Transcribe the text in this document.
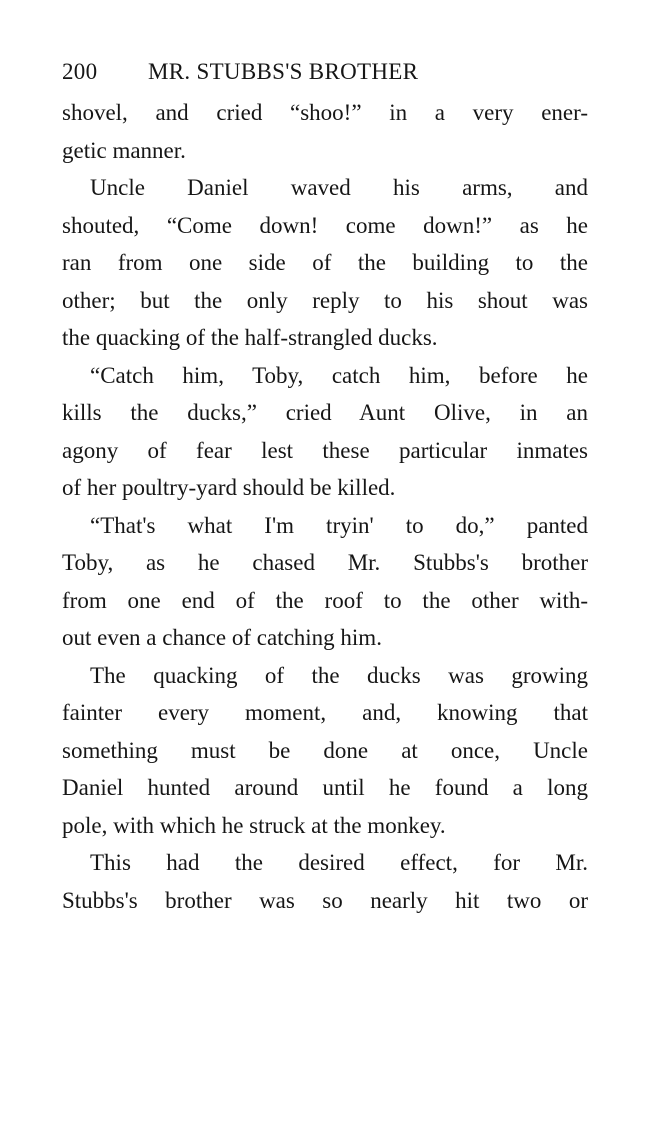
200 MR. STUBBS'S BROTHER
shovel, and cried “shoo!” in a very ener-
getic manner.
Uncle Daniel waved his arms, and
shouted, “Come down! come down!” as he
ran from one side of the building to the
other; but the only reply to his shout was
the quacking of the half-strangled ducks.
“Catch him, Toby, catch him, before he
kills the ducks,” cried Aunt Olive, in an
agony of fear lest these particular inmates
of her poultry-yard should be killed.
“That's what I'm tryin' to do,” panted
Toby, as he chased Mr. Stubbs's brother
from one end of the roof to the other with-
out even a chance of catching him.
The quacking of the ducks was growing
fainter every moment, and, knowing that
something must be done at once, Uncle
Daniel hunted around until he found a long
pole, with which he struck at the monkey.
This had the desired effect, for Mr.
Stubbs's brother was so nearly hit two or
